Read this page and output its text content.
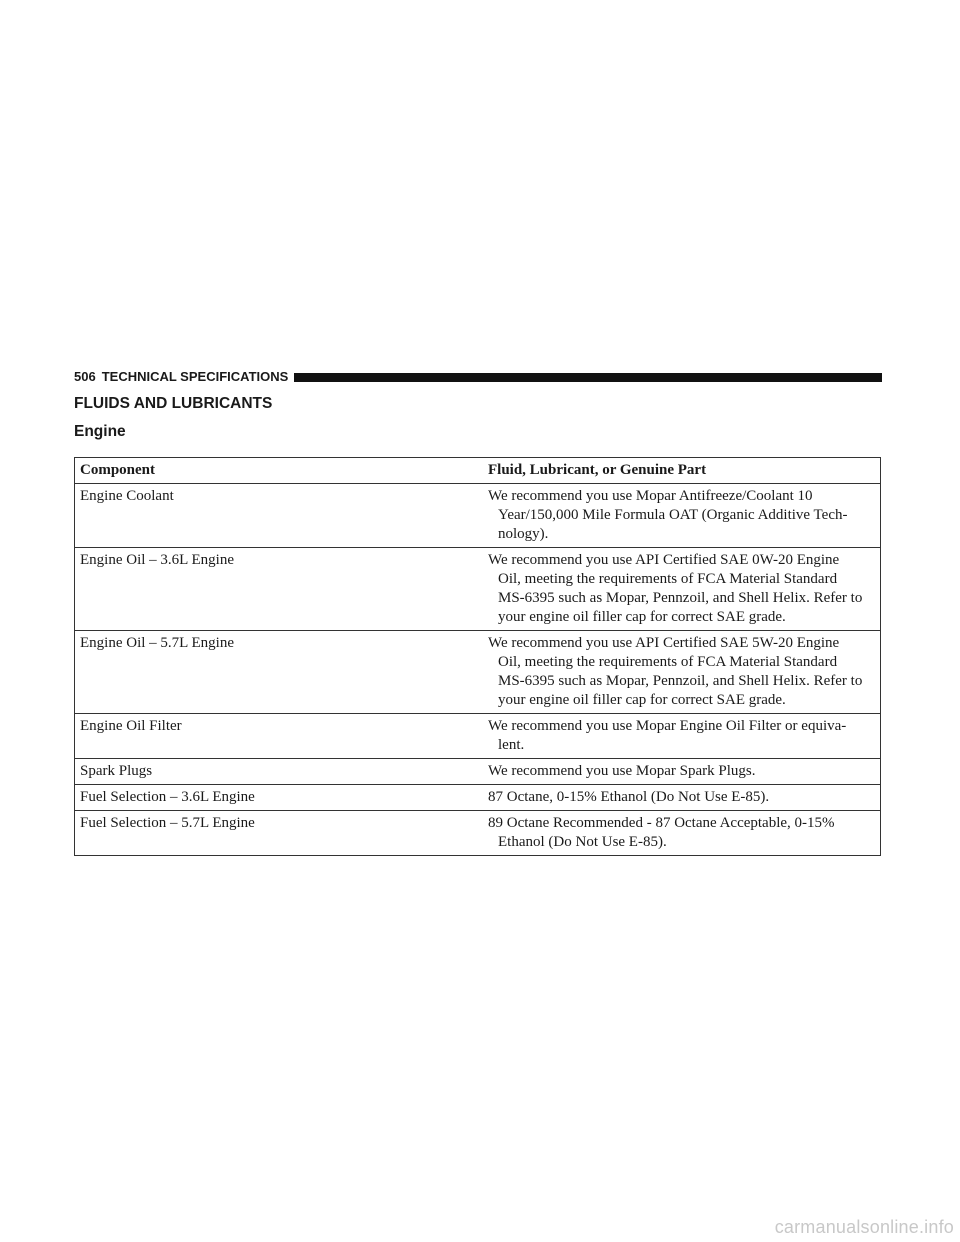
506 TECHNICAL SPECIFICATIONS
FLUIDS AND LUBRICANTS
Engine
Component	Fluid, Lubricant, or Genuine Part
Engine Coolant	We recommend you use Mopar Antifreeze/Coolant 10
Year/150,000 Mile Formula OAT (Organic Additive Tech-
nology).

Engine Oil – 3.6L Engine	We recommend you use API Certified SAE 0W-20 Engine
Oil, meeting the requirements of FCA Material Standard
MS-6395 such as Mopar, Pennzoil, and Shell Helix. Refer to
your engine oil filler cap for correct SAE grade.

Engine Oil – 5.7L Engine	We recommend you use API Certified SAE 5W-20 Engine
Oil, meeting the requirements of FCA Material Standard
MS-6395 such as Mopar, Pennzoil, and Shell Helix. Refer to
your engine oil filler cap for correct SAE grade.

Engine Oil Filter	We recommend you use Mopar Engine Oil Filter or equiva-
lent.

Spark Plugs	We recommend you use Mopar Spark Plugs.

Fuel Selection – 3.6L Engine	87 Octane, 0-15% Ethanol (Do Not Use E-85).

Fuel Selection – 5.7L Engine	89 Octane Recommended - 87 Octane Acceptable, 0-15%
Ethanol (Do Not Use E-85).
carmanualsonline.info
